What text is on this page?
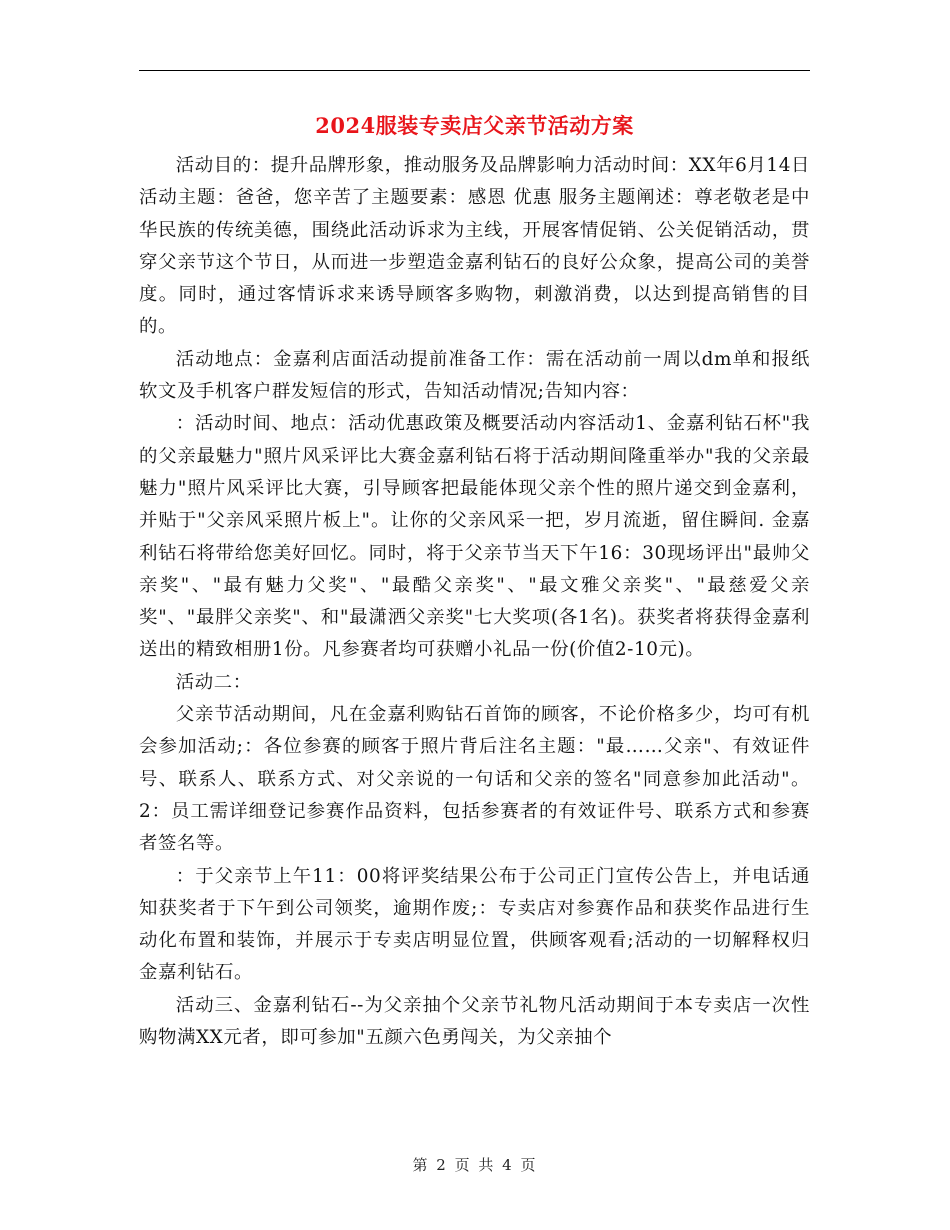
2024服装专卖店父亲节活动方案

活动目的：提升品牌形象，推动服务及品牌影响力活动时间：XX年6月14日活动主题：爸爸，您辛苦了主题要素：感恩 优惠 服务主题阐述：尊老敬老是中华民族的传统美德，围绕此活动诉求为主线，开展客情促销、公关促销活动，贯穿父亲节这个节日，从而进一步塑造金嘉利钻石的良好公众象，提高公司的美誉度。同时，通过客情诉求来诱导顾客多购物，刺激消费，以达到提高销售的目的。

活动地点：金嘉利店面活动提前准备工作：需在活动前一周以dm单和报纸软文及手机客户群发短信的形式，告知活动情况;告知内容：

：活动时间、地点：活动优惠政策及概要活动内容活动1、金嘉利钻石杯"我的父亲最魅力"照片风采评比大赛金嘉利钻石将于活动期间隆重举办"我的父亲最魅力"照片风采评比大赛，引导顾客把最能体现父亲个性的照片递交到金嘉利，并贴于"父亲风采照片板上"。让你的父亲风采一把，岁月流逝，留住瞬间. 金嘉利钻石将带给您美好回忆。同时，将于父亲节当天下午16：30现场评出"最帅父亲奖"、"最有魅力父奖"、"最酷父亲奖"、"最文雅父亲奖"、"最慈爱父亲奖"、"最胖父亲奖"、和"最潇洒父亲奖"七大奖项(各1名)。获奖者将获得金嘉利送出的精致相册1份。凡参赛者均可获赠小礼品一份(价值2-10元)。

活动二：

父亲节活动期间，凡在金嘉利购钻石首饰的顾客，不论价格多少，均可有机会参加活动;：各位参赛的顾客于照片背后注名主题："最……父亲"、有效证件号、联系人、联系方式、对父亲说的一句话和父亲的签名"同意参加此活动"。2：员工需详细登记参赛作品资料，包括参赛者的有效证件号、联系方式和参赛者签名等。

：于父亲节上午11：00将评奖结果公布于公司正门宣传公告上，并电话通知获奖者于下午到公司领奖，逾期作废;：专卖店对参赛作品和获奖作品进行生动化布置和装饰，并展示于专卖店明显位置，供顾客观看;活动的一切解释权归金嘉利钻石。

活动三、金嘉利钻石--为父亲抽个父亲节礼物凡活动期间于本专卖店一次性购物满XX元者，即可参加"五颜六色勇闯关，为父亲抽个

第 2 页 共 4 页
